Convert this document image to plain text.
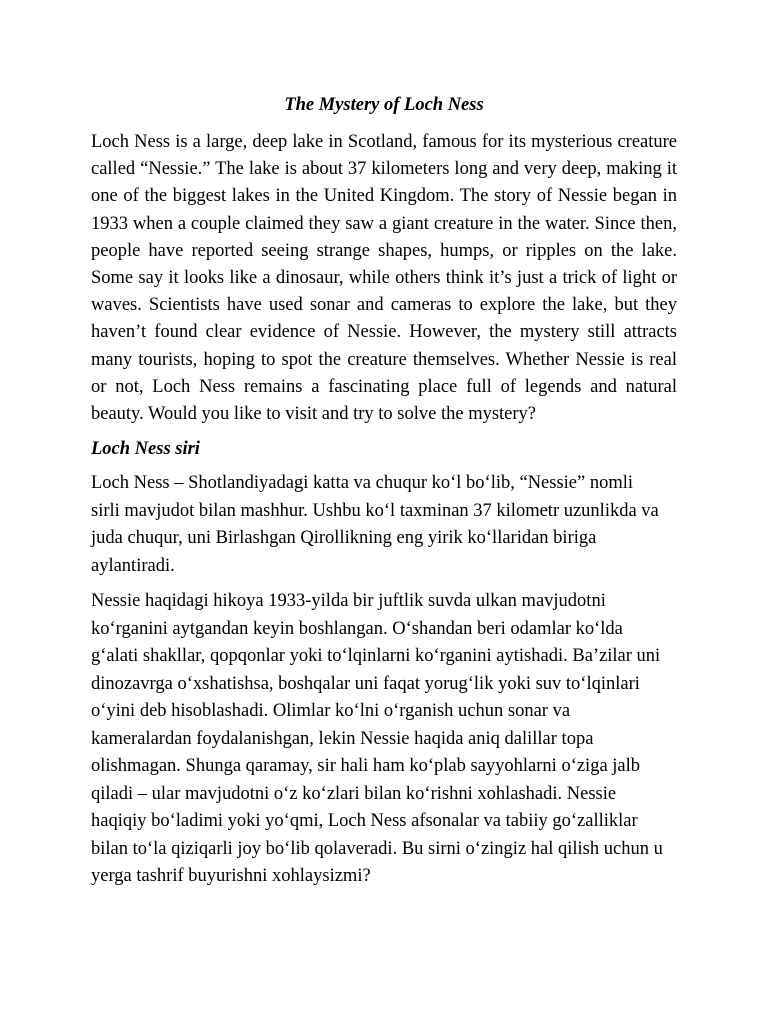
The Mystery of Loch Ness

Loch Ness is a large, deep lake in Scotland, famous for its mysterious creature called “Nessie.” The lake is about 37 kilometers long and very deep, making it one of the biggest lakes in the United Kingdom. The story of Nessie began in 1933 when a couple claimed they saw a giant creature in the water. Since then, people have reported seeing strange shapes, humps, or ripples on the lake. Some say it looks like a dinosaur, while others think it’s just a trick of light or waves. Scientists have used sonar and cameras to explore the lake, but they haven’t found clear evidence of Nessie. However, the mystery still attracts many tourists, hoping to spot the creature themselves. Whether Nessie is real or not, Loch Ness remains a fascinating place full of legends and natural beauty. Would you like to visit and try to solve the mystery?

Loch Ness siri

Loch Ness – Shotlandiyadagi katta va chuqur ko‘l bo‘lib, “Nessie” nomli sirli mavjudot bilan mashhur. Ushbu ko‘l taxminan 37 kilometr uzunlikda va juda chuqur, uni Birlashgan Qirollikning eng yirik ko‘llaridan biriga aylantiradi.

Nessie haqidagi hikoya 1933-yilda bir juftlik suvda ulkan mavjudotni ko‘rganini aytgandan keyin boshlangan. O‘shandan beri odamlar ko‘lda g‘alati shakllar, qopqonlar yoki to‘lqinlarni ko‘rganini aytishadi. Ba’zilar uni dinozavrga o‘xshatishsa, boshqalar uni faqat yorug‘lik yoki suv to‘lqinlari o‘yini deb hisoblashadi. Olimlar ko‘lni o‘rganish uchun sonar va kameralardan foydalanishgan, lekin Nessie haqida aniq dalillar topa olishmagan. Shunga qaramay, sir hali ham ko‘plab sayyohlarni o‘ziga jalb qiladi – ular mavjudotni o‘z ko‘zlari bilan ko‘rishni xohlashadi. Nessie haqiqiy bo‘ladimi yoki yo‘qmi, Loch Ness afsonalar va tabiiy go‘zalliklar bilan to‘la qiziqarli joy bo‘lib qolaveradi. Bu sirni o‘zingiz hal qilish uchun u yerga tashrif buyurishni xohlaysizmi?
